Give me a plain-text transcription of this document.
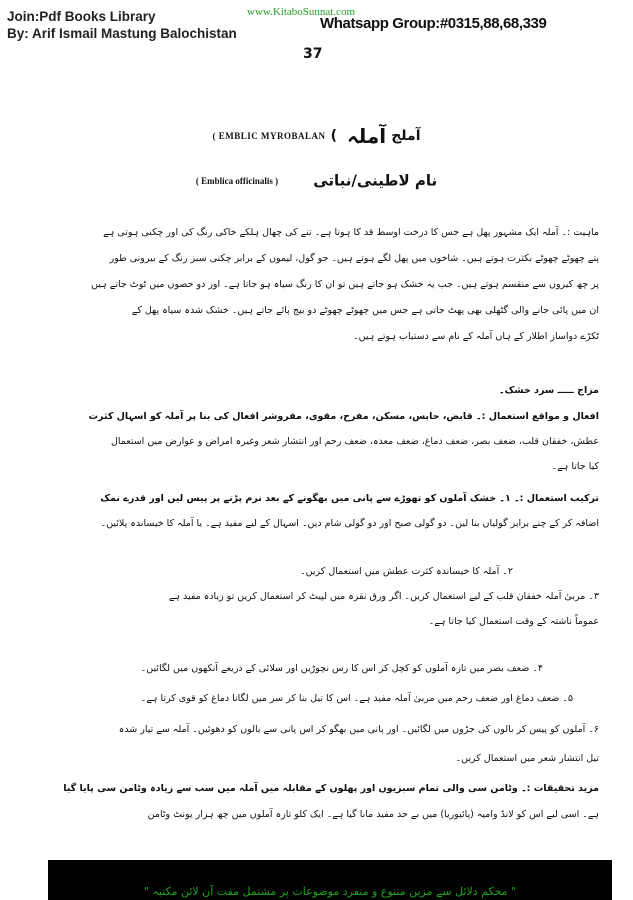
Join:Pdf Books Library
By: Arif Ismail Mastung Balochistan
www.KitaboSunnat.com
Whatsapp Group:#0315,88,68,339
37
( EMBLIC MYROBALAN (آملج آملہ
( Emblica officinalis ) نام لاطینی/نباتی
ماہیت :۔ آملہ ایک مشہور پھل ہے جس کا درخت اوسط قد کا ہوتا ہے۔ تنے کی چھال ہلکے خاکی رنگ کی اور چکنی ہوتی ہے
پتے چھوٹے چھوٹے بکثرت ہوتے ہیں۔ شاخوں میں پھل لگے ہوتے ہیں۔ جو گول، لیموں کے برابر چکنی سبز رنگ کے بیرونی طور
پر چھ کیروں سے منقسم ہوتے ہیں۔ جب یہ خشک ہو جاتے ہیں تو ان کا رنگ سیاہ ہو جاتا ہے۔ اور دو حصوں میں ٹوٹ جاتے ہیں
ان میں پائی جانے والی گٹھلی بھی پھٹ جاتی ہے جس میں چھوٹے چھوٹے دو بیج پائے جاتے ہیں۔ خشک شدہ سیاہ پھل کے
ٹکڑے دواساز اطلار کے ہاں آملہ کے نام سے دستیاب ہوتے ہیں۔
مزاج ـــــ سرد خشک۔
افعال و مواقع استعمال :۔ قابض، حابس، مسکن، مفرح، مقوی، مقروشر افعال کی بنا پر آملہ کو اسہال کثرت
عطش، خفقان قلب، ضعف بصر، ضعف دماغ، ضعف معدہ، ضعف رحم اور انتشار شعر وغیرہ امراض و عوارض میں استعمال
کیا جاتا ہے۔
ترکیب استعمال :۔ ۱۔ خشک آملوں کو تھوڑے سے پانی میں بھگونے کے بعد نرم پڑنے پر پیس لیں اور قدرے نمک
اضافہ کر کے چنے برابر گولیاں بنا لیں۔ دو گولی صبح اور دو گولی شام دیں۔ اسہال کے لیے مفید ہے۔ یا آملہ کا خیساندہ پلائیں۔
۲۔ آملہ کا خیساندہ کثرت عطش میں استعمال کریں۔
۳۔ مربیٰ آملہ خفقان قلب کے لیے استعمال کریں۔ اگر ورق نقرہ میں لپیٹ کر استعمال کریں تو زیادہ مفید ہے
عموماً ناشتہ کے وقت استعمال کیا جاتا ہے۔
۴۔ ضعف بصر میں تازہ آملوں کو کچل کر اس کا رس نچوڑیں اور سلائی کے ذریعے آنکھوں میں لگائیں۔
۵۔ ضعف دماغ اور ضعف رحم میں مربیٰ آملہ مفید ہے۔ اس کا تیل بنا کر سر میں لگانا دماغ کو قوی کرتا ہے۔
۶۔ آملوں کو پیس کر بالوں کی جڑوں میں لگائیں۔ اور پانی میں بھگو کر اس پانی سے بالوں کو دھوئیں۔ آملہ سے تیار شدہ
تیل انتشار شعر میں استعمال کریں۔
مزید تحقیقات :۔ وٹامن سی والی تمام سبزیوں اور پھلوں کے مقابلہ میں آملہ میں سب سے زیادہ وٹامن سی پایا گیا
ہے۔ اسی لیے اس کو لانڈ وامیہ (پائیوریا) میں بے حد مفید مانا گیا ہے۔ ایک کلو تازہ آملوں میں چھ ہزار یونٹ وٹامن
" محکم دلائل سے مزین متنوع و منفرد موضوعات پر مشتمل مفت آن لائن مکتبہ "
